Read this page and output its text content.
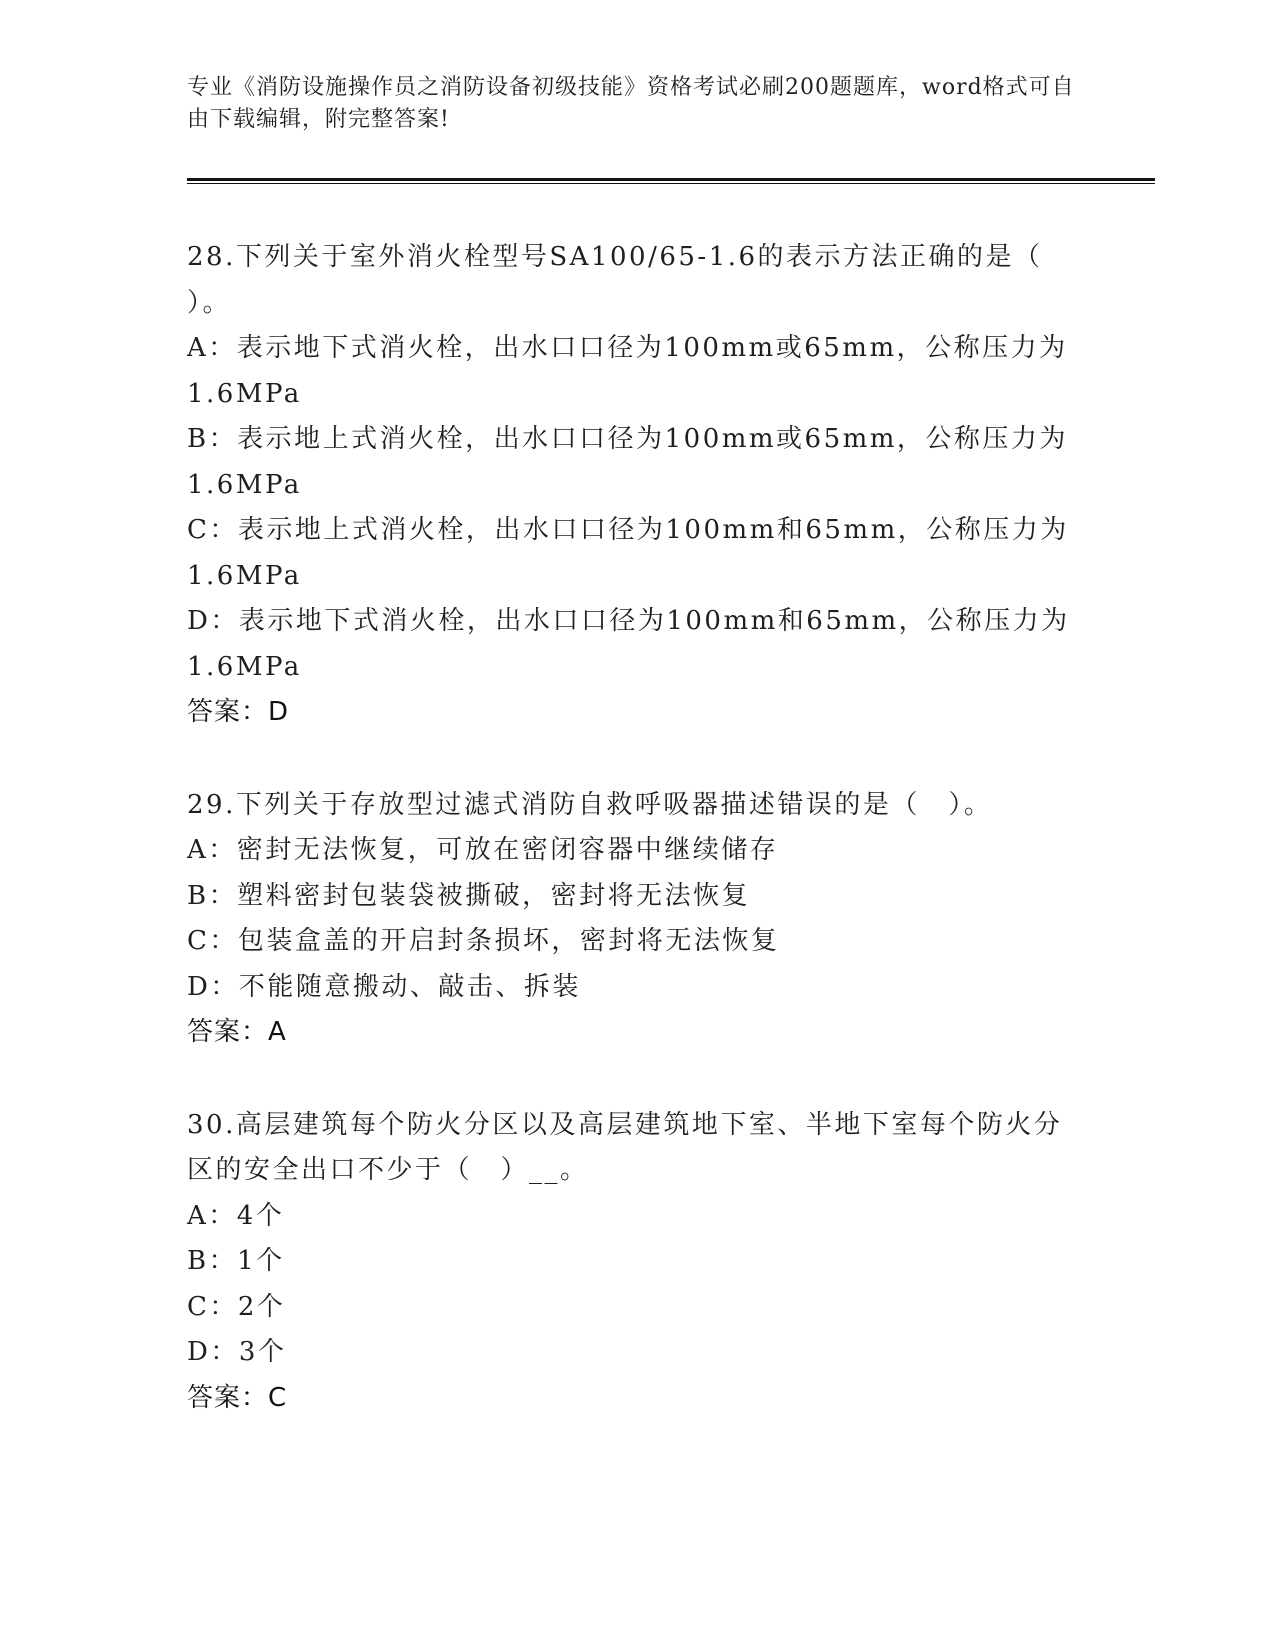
专业《消防设施操作员之消防设备初级技能》资格考试必刷200题题库，word格式可自由下载编辑，附完整答案!
28.下列关于室外消火栓型号SA100/65-1.6的表示方法正确的是（ ）。
A：表示地下式消火栓，出水口口径为100mm或65mm，公称压力为1.6MPa
B：表示地上式消火栓，出水口口径为100mm或65mm，公称压力为1.6MPa
C：表示地上式消火栓，出水口口径为100mm和65mm，公称压力为1.6MPa
D：表示地下式消火栓，出水口口径为100mm和65mm，公称压力为1.6MPa
答案：D
29.下列关于存放型过滤式消防自救呼吸器描述错误的是（　）。
A：密封无法恢复，可放在密闭容器中继续储存
B：塑料密封包装袋被撕破，密封将无法恢复
C：包装盒盖的开启封条损坏，密封将无法恢复
D：不能随意搬动、敲击、拆装
答案：A
30.高层建筑每个防火分区以及高层建筑地下室、半地下室每个防火分区的安全出口不少于（　）__。
A：4个
B：1个
C：2个
D：3个
答案：C
